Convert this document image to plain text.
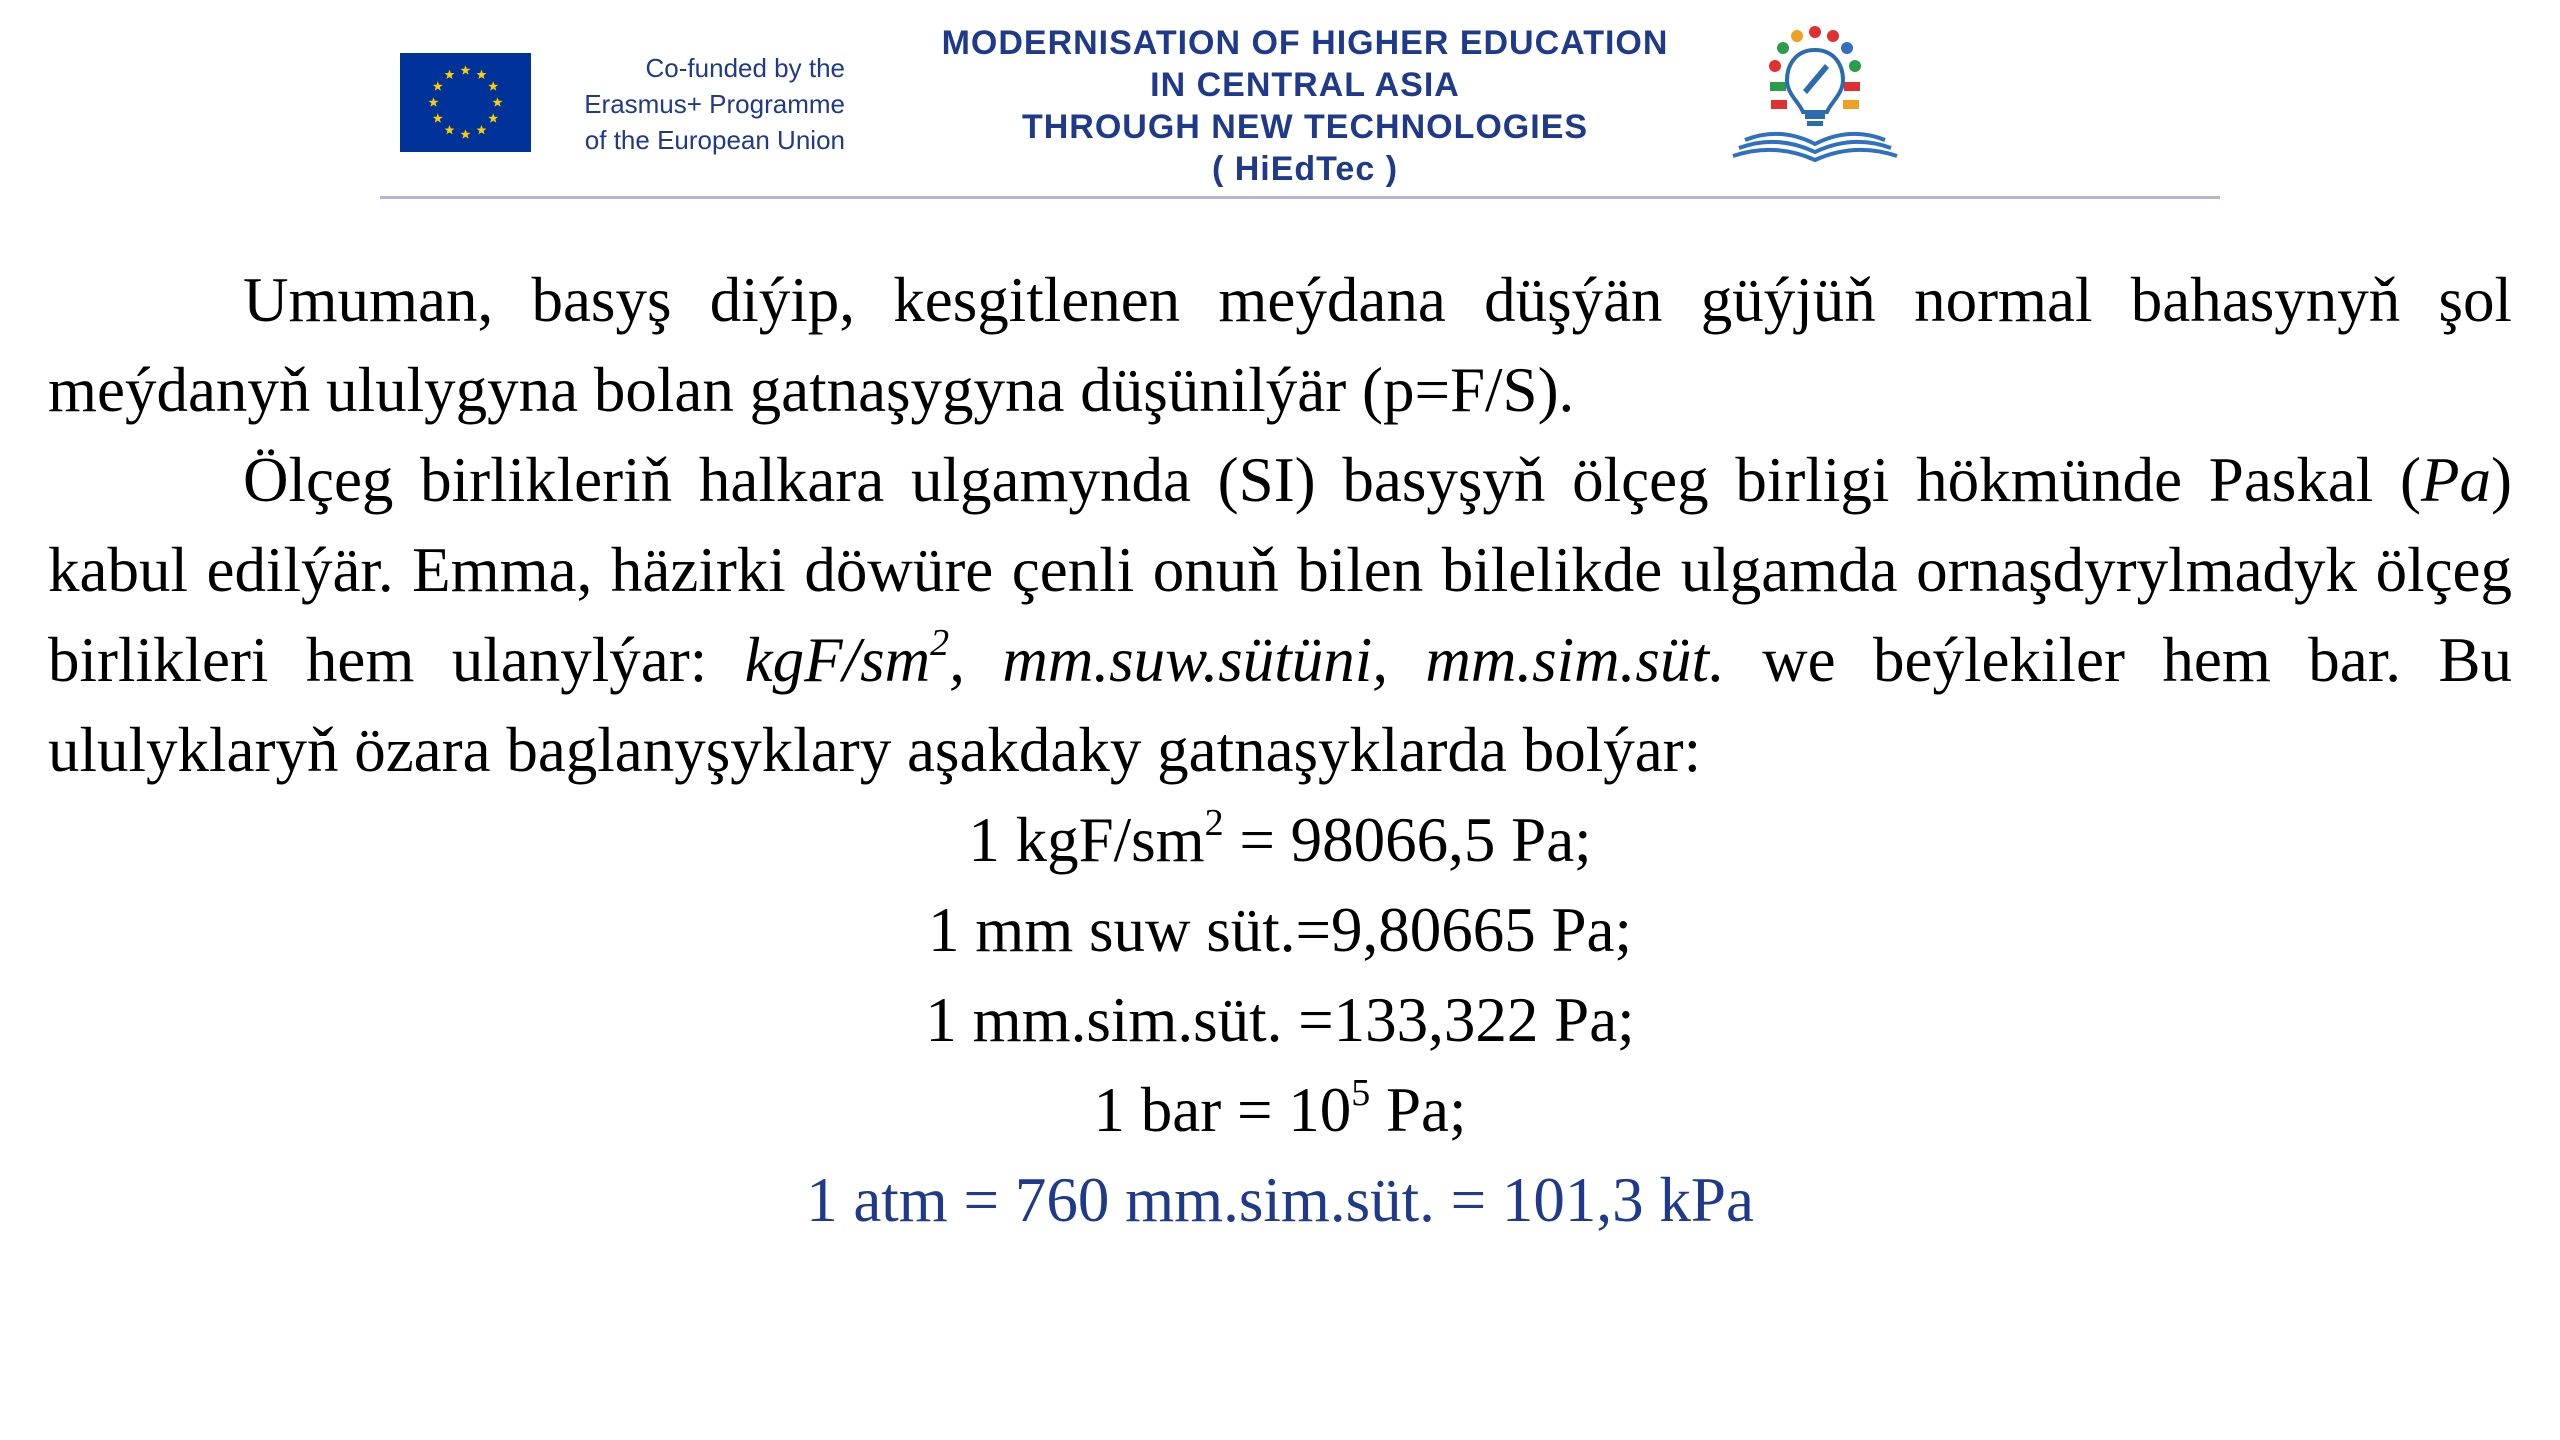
Co-funded by the
Erasmus+ Programme
of the European Union
MODERNISATION OF HIGHER EDUCATION
IN CENTRAL ASIA
THROUGH NEW TECHNOLOGIES
( HiEdTec )

Umuman, basyş diýip, kesgitlenen meýdana düşýän güýjüň normal bahasynyň şol meýdanyň ululygyna bolan gatnaşygyna düşünilýär (p=F/S).

Ölçeg birlikleriň halkara ulgamynda (SI) basyşyň ölçeg birligi hökmünde Paskal (Pa) kabul edilýär. Emma, häzirki döwüre çenli onuň bilen bilelikde ulgamda ornaşdyrylmadyk ölçeg birlikleri hem ulanylýar: kgF/$sm^2$, mm.suw.sütüni, mm.sim.süt. we beýlekiler hem bar. Bu ululyklaryň özara baglanyşyklary aşakdaky gatnaşyklarda bolýar:

1 kgF/$sm^2 = 98066,5$ Pa;
1 mm suw süt.=9,80665 Pa;
1 mm.sim.süt. =133,322 Pa;
1 bar = $10^5$ Pa;
1 atm = 760 mm.sim.süt. = 101,3 kPa
